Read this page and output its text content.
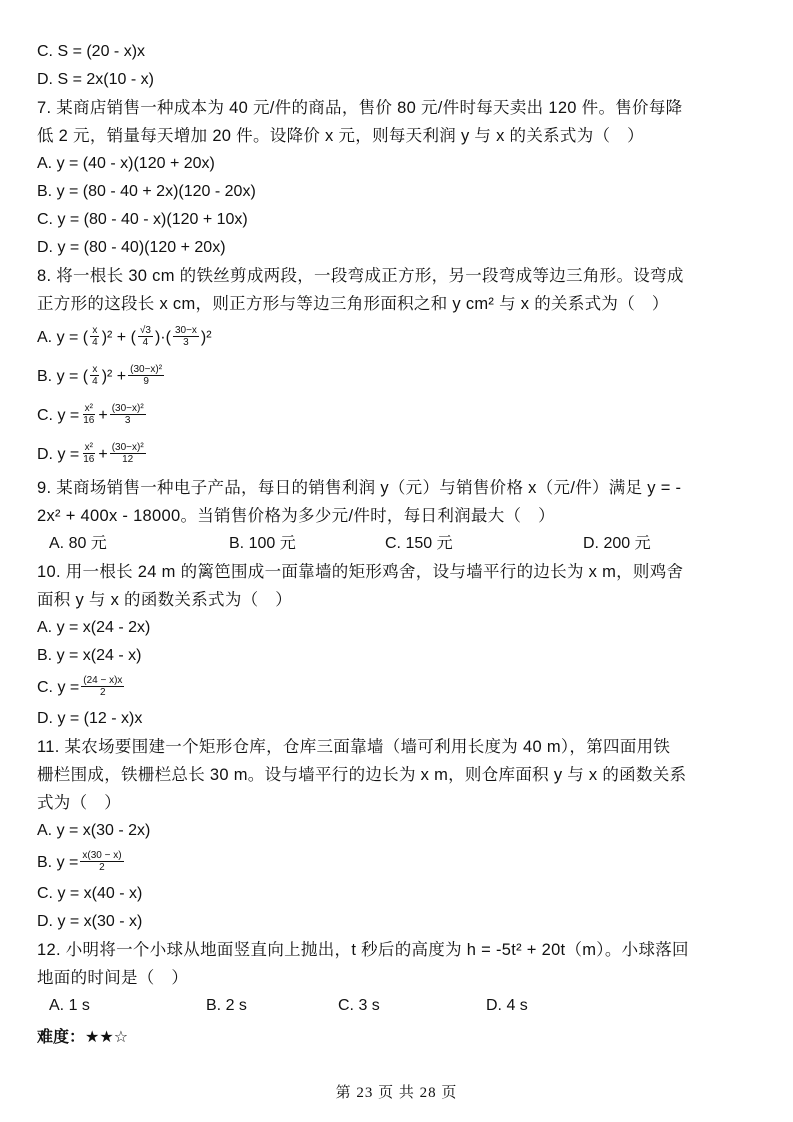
C. S = (20 - x)x
D. S = 2x(10 - x)
7. 某商店销售一种成本为 40 元/件的商品，售价 80 元/件时每天卖出 120 件。售价每降
低 2 元，销量每天增加 20 件。设降价 x 元，则每天利润 y 与 x 的关系式为（　）
A. y = (40 - x)(120 + 20x)
B. y = (80 - 40 + 2x)(120 - 20x)
C. y = (80 - 40 - x)(120 + 10x)
D. y = (80 - 40)(120 + 20x)
8. 将一根长 30 cm 的铁丝剪成两段，一段弯成正方形，另一段弯成等边三角形。设弯成
正方形的这段长 x cm，则正方形与等边三角形面积之和 y cm² 与 x 的关系式为（　）
A. y = ( $\frac{x}{4} )^2$ + ( $\frac{√3}{4}$ )·( $\frac{30-x}{3} )^2$
B. y = ( $\frac{x}{4} )^2 + \frac{\text{(30−x)²}}{9}$
C. $y = \frac{\text{x²}}{16} + \frac{\text{(30−x)²}}{3}$
D. $y = \frac{\text{x²}}{16} + \frac{\text{(30−x)²}}{12}$
9. 某商场销售一种电子产品，每日的销售利润 y（元）与销售价格 x（元/件）满足 y = -
2x² + 400x - 18000。当销售价格为多少元/件时，每日利润最大（　）
A. 80 元	B. 100 元	C. 150 元	D. 200 元
10. 用一根长 24 m 的篱笆围成一面靠墙的矩形鸡舍，设与墙平行的边长为 x m，则鸡舍
面积 y 与 x 的函数关系式为（　）
A. y = x(24 - 2x)
B. y = x(24 - x)
C. $y = \frac{(24 - x)x}{2}$
D. y = (12 - x)x
11. 某农场要围建一个矩形仓库，仓库三面靠墙（墙可利用长度为 40 m），第四面用铁
栅栏围成，铁栅栏总长 30 m。设与墙平行的边长为 x m，则仓库面积 y 与 x 的函数关系
式为（　）
A. y = x(30 - 2x)
B. $y = \frac{x(30 - x)}{2}$
C. y = x(40 - x)
D. y = x(30 - x)
12. 小明将一个小球从地面竖直向上抛出，t 秒后的高度为 h = -5t² + 20t（m）。小球落回
地面的时间是（　）
A. 1 s	B. 2 s	C. 3 s	D. 4 s
难度：★★☆
第 23 页 共 28 页
